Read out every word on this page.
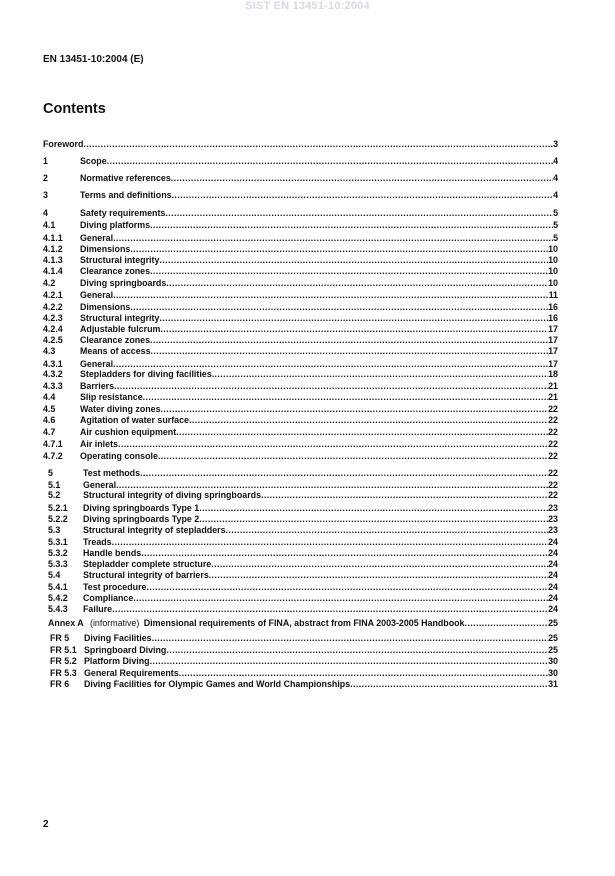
SIST EN 13451-10:2004
EN 13451-10:2004 (E)
Contents
Foreword .....	3
1	Scope .....	4
2	Normative references .....	4
3	Terms and definitions .....	4
4	Safety requirements .....	5
4.1	Diving platforms .....	5
4.1.1 General .....	5
4.1.2 Dimensions .....	10
4.1.3 Structural integrity .....	10
4.1.4 Clearance zones .....	10
4.2	Diving springboards .....	10
4.2.1 General .....	11
4.2.2 Dimensions .....	16
4.2.3 Structural integrity .....	16
4.2.4 Adjustable fulcrum .....	17
4.2.5 Clearance zones .....	17
4.3	Means of access .....	17
4.3.1 General .....	17
4.3.2 Stepladders for diving facilities .....	18
4.3.3 Barriers .....	21
4.4	Slip resistance .....	21
4.5	Water diving zones .....	22
4.6	Agitation of water surface .....	22
4.7	Air cushion equipment .....	22
4.7.1 Air inlets .....	22
4.7.2 Operating console .....	22
5	Test methods .....	22
5.1	General .....	22
5.2	Structural integrity of diving springboards .....	22
5.2.1 Diving springboards Type 1 .....	23
5.2.2 Diving springboards Type 2 .....	23
5.3	Structural integrity of stepladders .....	23
5.3.1 Treads .....	24
5.3.2 Handle bends .....	24
5.3.3 Stepladder complete structure .....	24
5.4	Structural integrity of barriers .....	24
5.4.1 Test procedure .....	24
5.4.2 Compliance .....	24
5.4.3 Failure .....	24
Annex A (informative)  Dimensional requirements of FINA, abstract from FINA 2003-2005 Handbook .....	25
FR 5 Diving Facilities .....	25
FR 5.1 Springboard Diving .....	25
FR 5.2 Platform Diving .....	30
FR 5.3 General Requirements .....	30
FR 6 Diving Facilities for Olympic Games and World Championships .....	31
2
